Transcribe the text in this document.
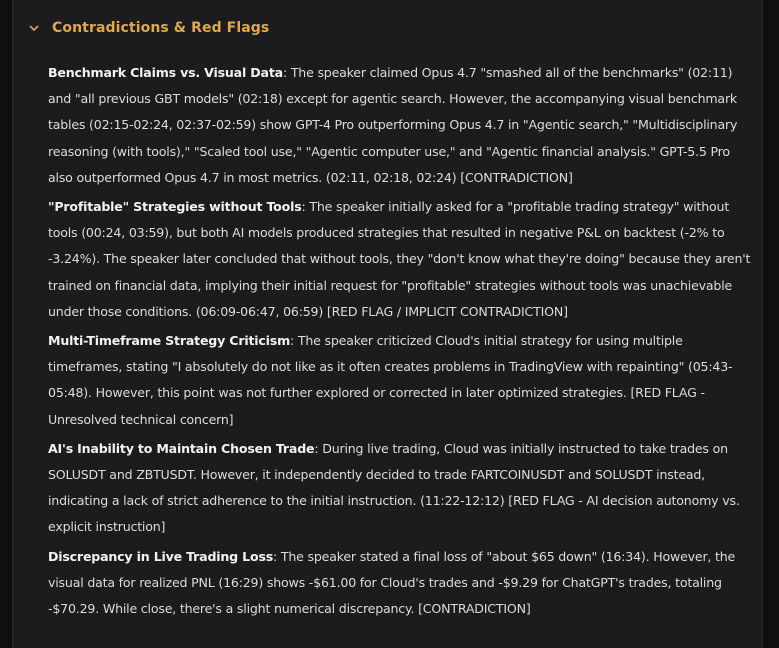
Contradictions & Red Flags

Benchmark Claims vs. Visual Data: The speaker claimed Opus 4.7 "smashed all of the benchmarks" (02:11) and "all previous GBT models" (02:18) except for agentic search. However, the accompanying visual benchmark tables (02:15-02:24, 02:37-02:59) show GPT-4 Pro outperforming Opus 4.7 in "Agentic search," "Multidisciplinary reasoning (with tools)," "Scaled tool use," "Agentic computer use," and "Agentic financial analysis." GPT-5.5 Pro also outperformed Opus 4.7 in most metrics. (02:11, 02:18, 02:24) [CONTRADICTION]

"Profitable" Strategies without Tools: The speaker initially asked for a "profitable trading strategy" without tools (00:24, 03:59), but both AI models produced strategies that resulted in negative P&L on backtest (-2% to -3.24%). The speaker later concluded that without tools, they "don't know what they're doing" because they aren't trained on financial data, implying their initial request for "profitable" strategies without tools was unachievable under those conditions. (06:09-06:47, 06:59) [RED FLAG / IMPLICIT CONTRADICTION]

Multi-Timeframe Strategy Criticism: The speaker criticized Cloud's initial strategy for using multiple timeframes, stating "I absolutely do not like as it often creates problems in TradingView with repainting" (05:43-05:48). However, this point was not further explored or corrected in later optimized strategies. [RED FLAG - Unresolved technical concern]

AI's Inability to Maintain Chosen Trade: During live trading, Cloud was initially instructed to take trades on SOLUSDT and ZBTUSDT. However, it independently decided to trade FARTCOINUSDT and SOLUSDT instead, indicating a lack of strict adherence to the initial instruction. (11:22-12:12) [RED FLAG - AI decision autonomy vs. explicit instruction]

Discrepancy in Live Trading Loss: The speaker stated a final loss of "about $65 down" (16:34). However, the visual data for realized PNL (16:29) shows -$61.00 for Cloud's trades and -$9.29 for ChatGPT's trades, totaling -$70.29. While close, there's a slight numerical discrepancy. [CONTRADICTION]
